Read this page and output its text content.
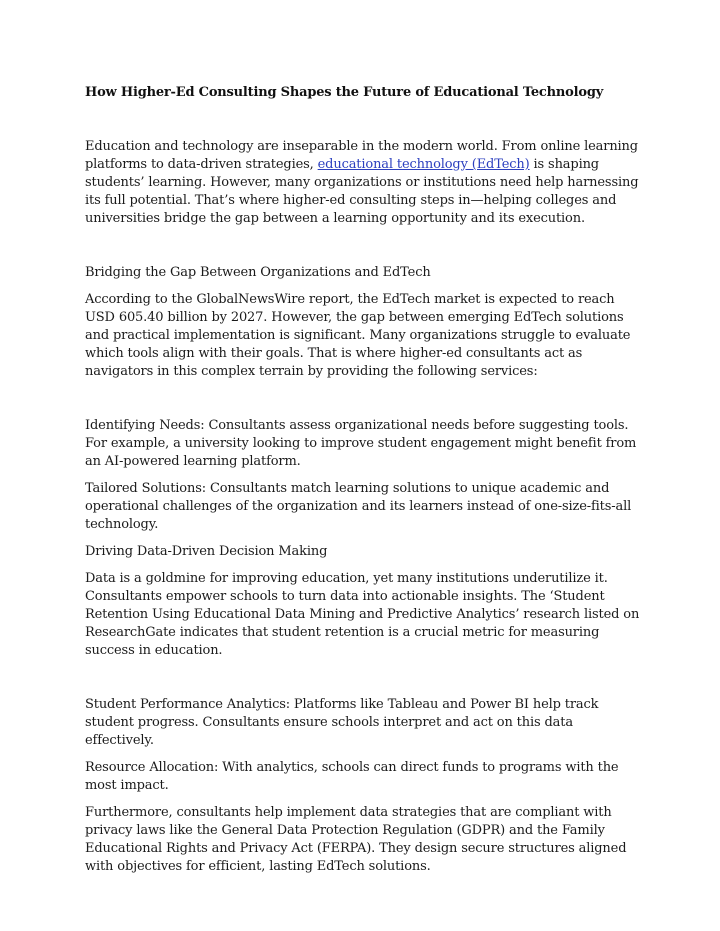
How Higher-Ed Consulting Shapes the Future of Educational Technology

Education and technology are inseparable in the modern world. From online learning platforms to data-driven strategies, educational technology (EdTech) is shaping students’ learning. However, many organizations or institutions need help harnessing its full potential. That’s where higher-ed consulting steps in—helping colleges and universities bridge the gap between a learning opportunity and its execution.

Bridging the Gap Between Organizations and EdTech

According to the GlobalNewsWire report, the EdTech market is expected to reach USD 605.40 billion by 2027. However, the gap between emerging EdTech solutions and practical implementation is significant. Many organizations struggle to evaluate which tools align with their goals. That is where higher-ed consultants act as navigators in this complex terrain by providing the following services:

Identifying Needs: Consultants assess organizational needs before suggesting tools. For example, a university looking to improve student engagement might benefit from an AI-powered learning platform.

Tailored Solutions: Consultants match learning solutions to unique academic and operational challenges of the organization and its learners instead of one-size-fits-all technology.

Driving Data-Driven Decision Making

Data is a goldmine for improving education, yet many institutions underutilize it. Consultants empower schools to turn data into actionable insights. The ‘Student Retention Using Educational Data Mining and Predictive Analytics’ research listed on ResearchGate indicates that student retention is a crucial metric for measuring success in education.

Student Performance Analytics: Platforms like Tableau and Power BI help track student progress. Consultants ensure schools interpret and act on this data effectively.

Resource Allocation: With analytics, schools can direct funds to programs with the most impact.

Furthermore, consultants help implement data strategies that are compliant with privacy laws like the General Data Protection Regulation (GDPR) and the Family Educational Rights and Privacy Act (FERPA). They design secure structures aligned with objectives for efficient, lasting EdTech solutions.
